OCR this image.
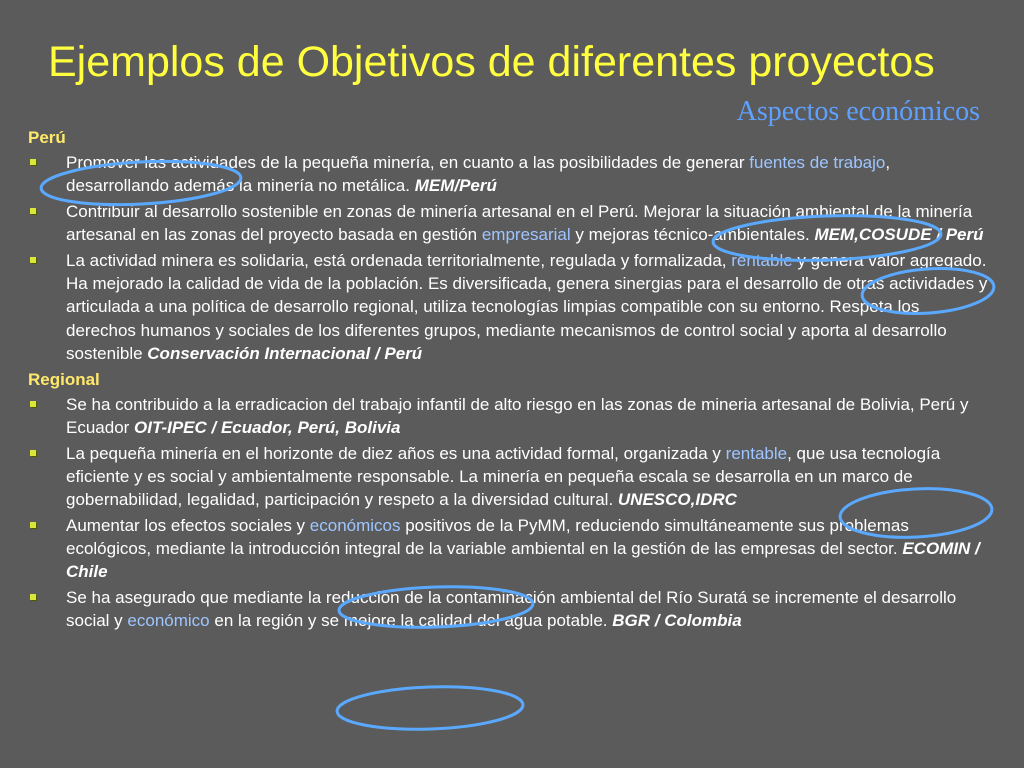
Ejemplos de Objetivos de diferentes proyectos
Aspectos económicos
Perú
Promover las actividades de la pequeña minería, en cuanto a las posibilidades de generar fuentes de trabajo, desarrollando además la minería no metálica. MEM/Perú
Contribuir al desarrollo sostenible en zonas de minería artesanal en el Perú. Mejorar la situación ambiental de la minería artesanal en las zonas del proyecto basada en gestión empresarial y mejoras técnico-ambientales. MEM,COSUDE / Perú
La actividad minera es solidaria, está ordenada territorialmente, regulada y formalizada, rentable y genera valor agregado. Ha mejorado la calidad de vida de la población. Es diversificada, genera sinergias para el desarrollo de otras actividades y articulada a una política de desarrollo regional, utiliza tecnologías limpias compatible con su entorno. Respeta los derechos humanos y sociales de los diferentes grupos, mediante mecanismos de control social y aporta al desarrollo sostenible Conservación Internacional / Perú
Regional
Se ha contribuido a la erradicacion del trabajo infantil de alto riesgo en las zonas de mineria artesanal de Bolivia, Perú y Ecuador OIT-IPEC / Ecuador, Perú, Bolivia
La pequeña minería en el horizonte de diez años es una actividad formal, organizada y rentable, que usa tecnología eficiente y es social y ambientalmente responsable. La minería en pequeña escala se desarrolla en un marco de gobernabilidad, legalidad, participación y respeto a la diversidad cultural. UNESCO,IDRC
Aumentar los efectos sociales y económicos positivos de la PyMM, reduciendo simultáneamente sus problemas ecológicos, mediante la introducción integral de la variable ambiental en la gestión de las empresas del sector. ECOMIN / Chile
Se ha asegurado que mediante la reducción de la contaminación ambiental del Río Suratá se incremente el desarrollo social y económico en la región y se mejore la calidad del agua potable. BGR / Colombia
